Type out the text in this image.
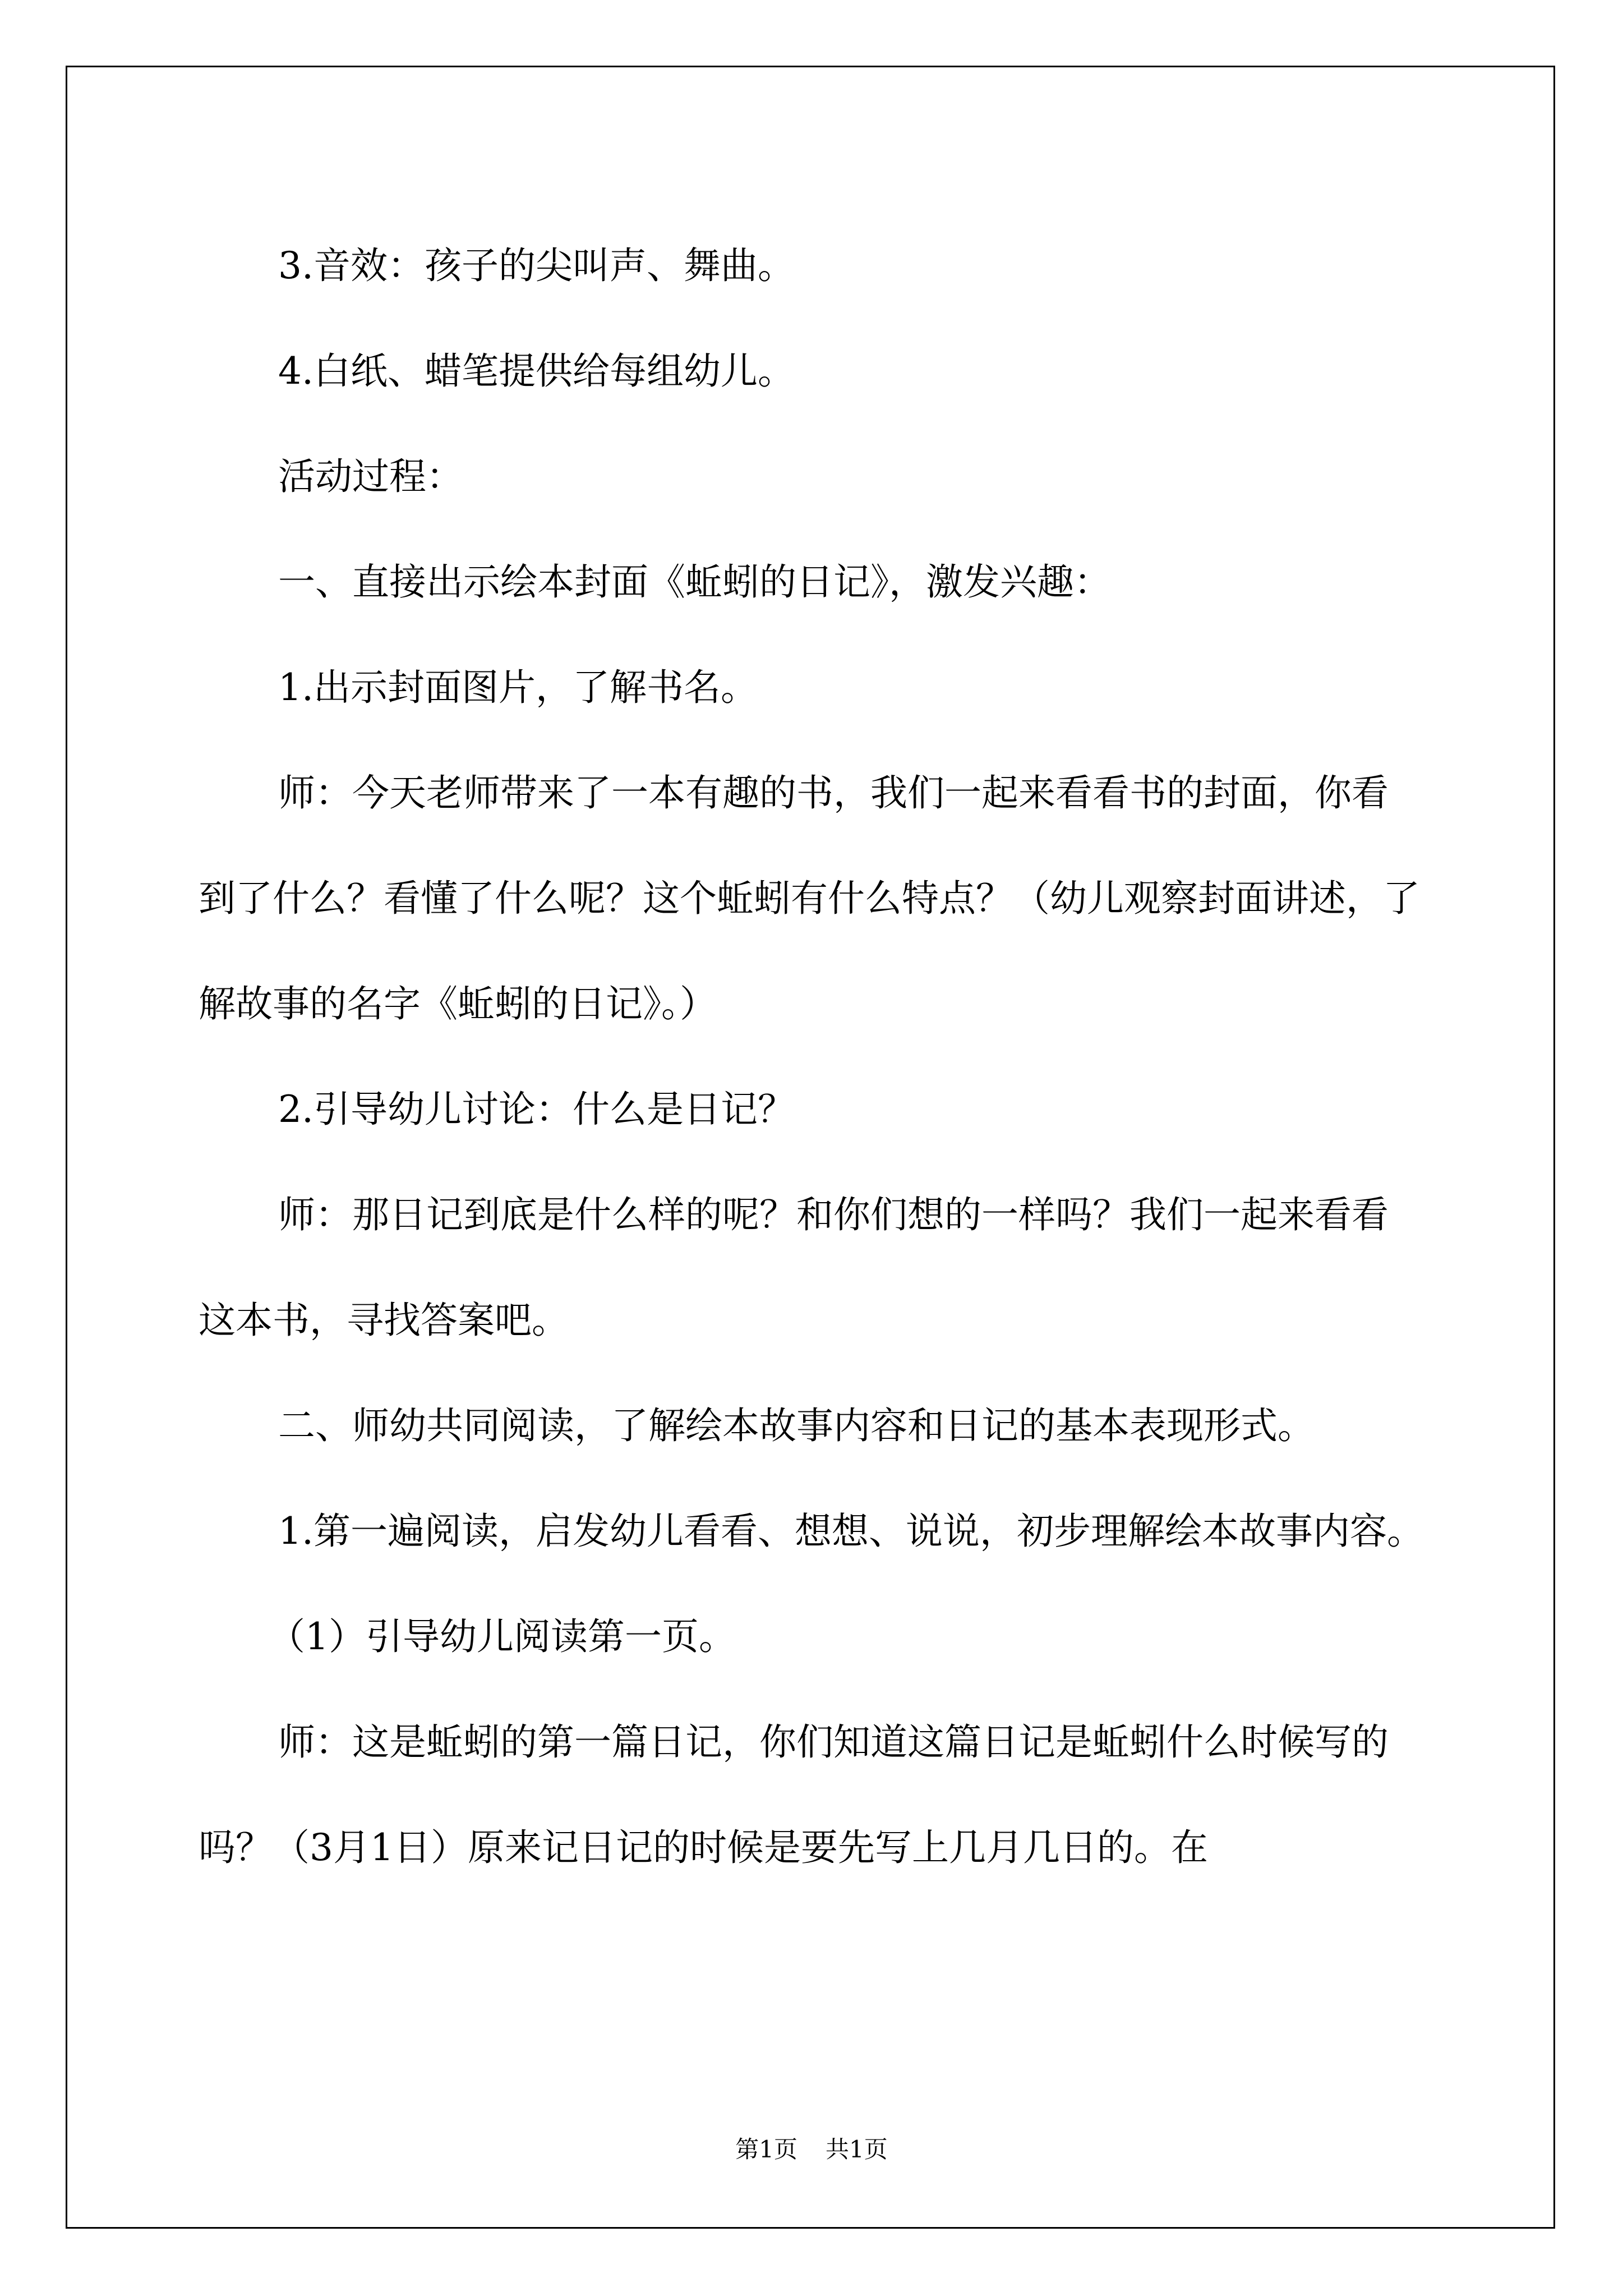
3.音效：孩子的尖叫声、舞曲。

4.白纸、蜡笔提供给每组幼儿。

活动过程：

一、直接出示绘本封面《蚯蚓的日记》，激发兴趣：

1.出示封面图片，了解书名。

师：今天老师带来了一本有趣的书，我们一起来看看书的封面，你看到了什么？看懂了什么呢？这个蚯蚓有什么特点？（幼儿观察封面讲述，了解故事的名字《蚯蚓的日记》。）

2.引导幼儿讨论：什么是日记？

师：那日记到底是什么样的呢？和你们想的一样吗？我们一起来看看这本书，寻找答案吧。

二、师幼共同阅读，了解绘本故事内容和日记的基本表现形式。

1.第一遍阅读，启发幼儿看看、想想、说说，初步理解绘本故事内容。

（1）引导幼儿阅读第一页。

师：这是蚯蚓的第一篇日记，你们知道这篇日记是蚯蚓什么时候写的吗？（3月1日）原来记日记的时候是要先写上几月几日的。在

第1页 共1页
